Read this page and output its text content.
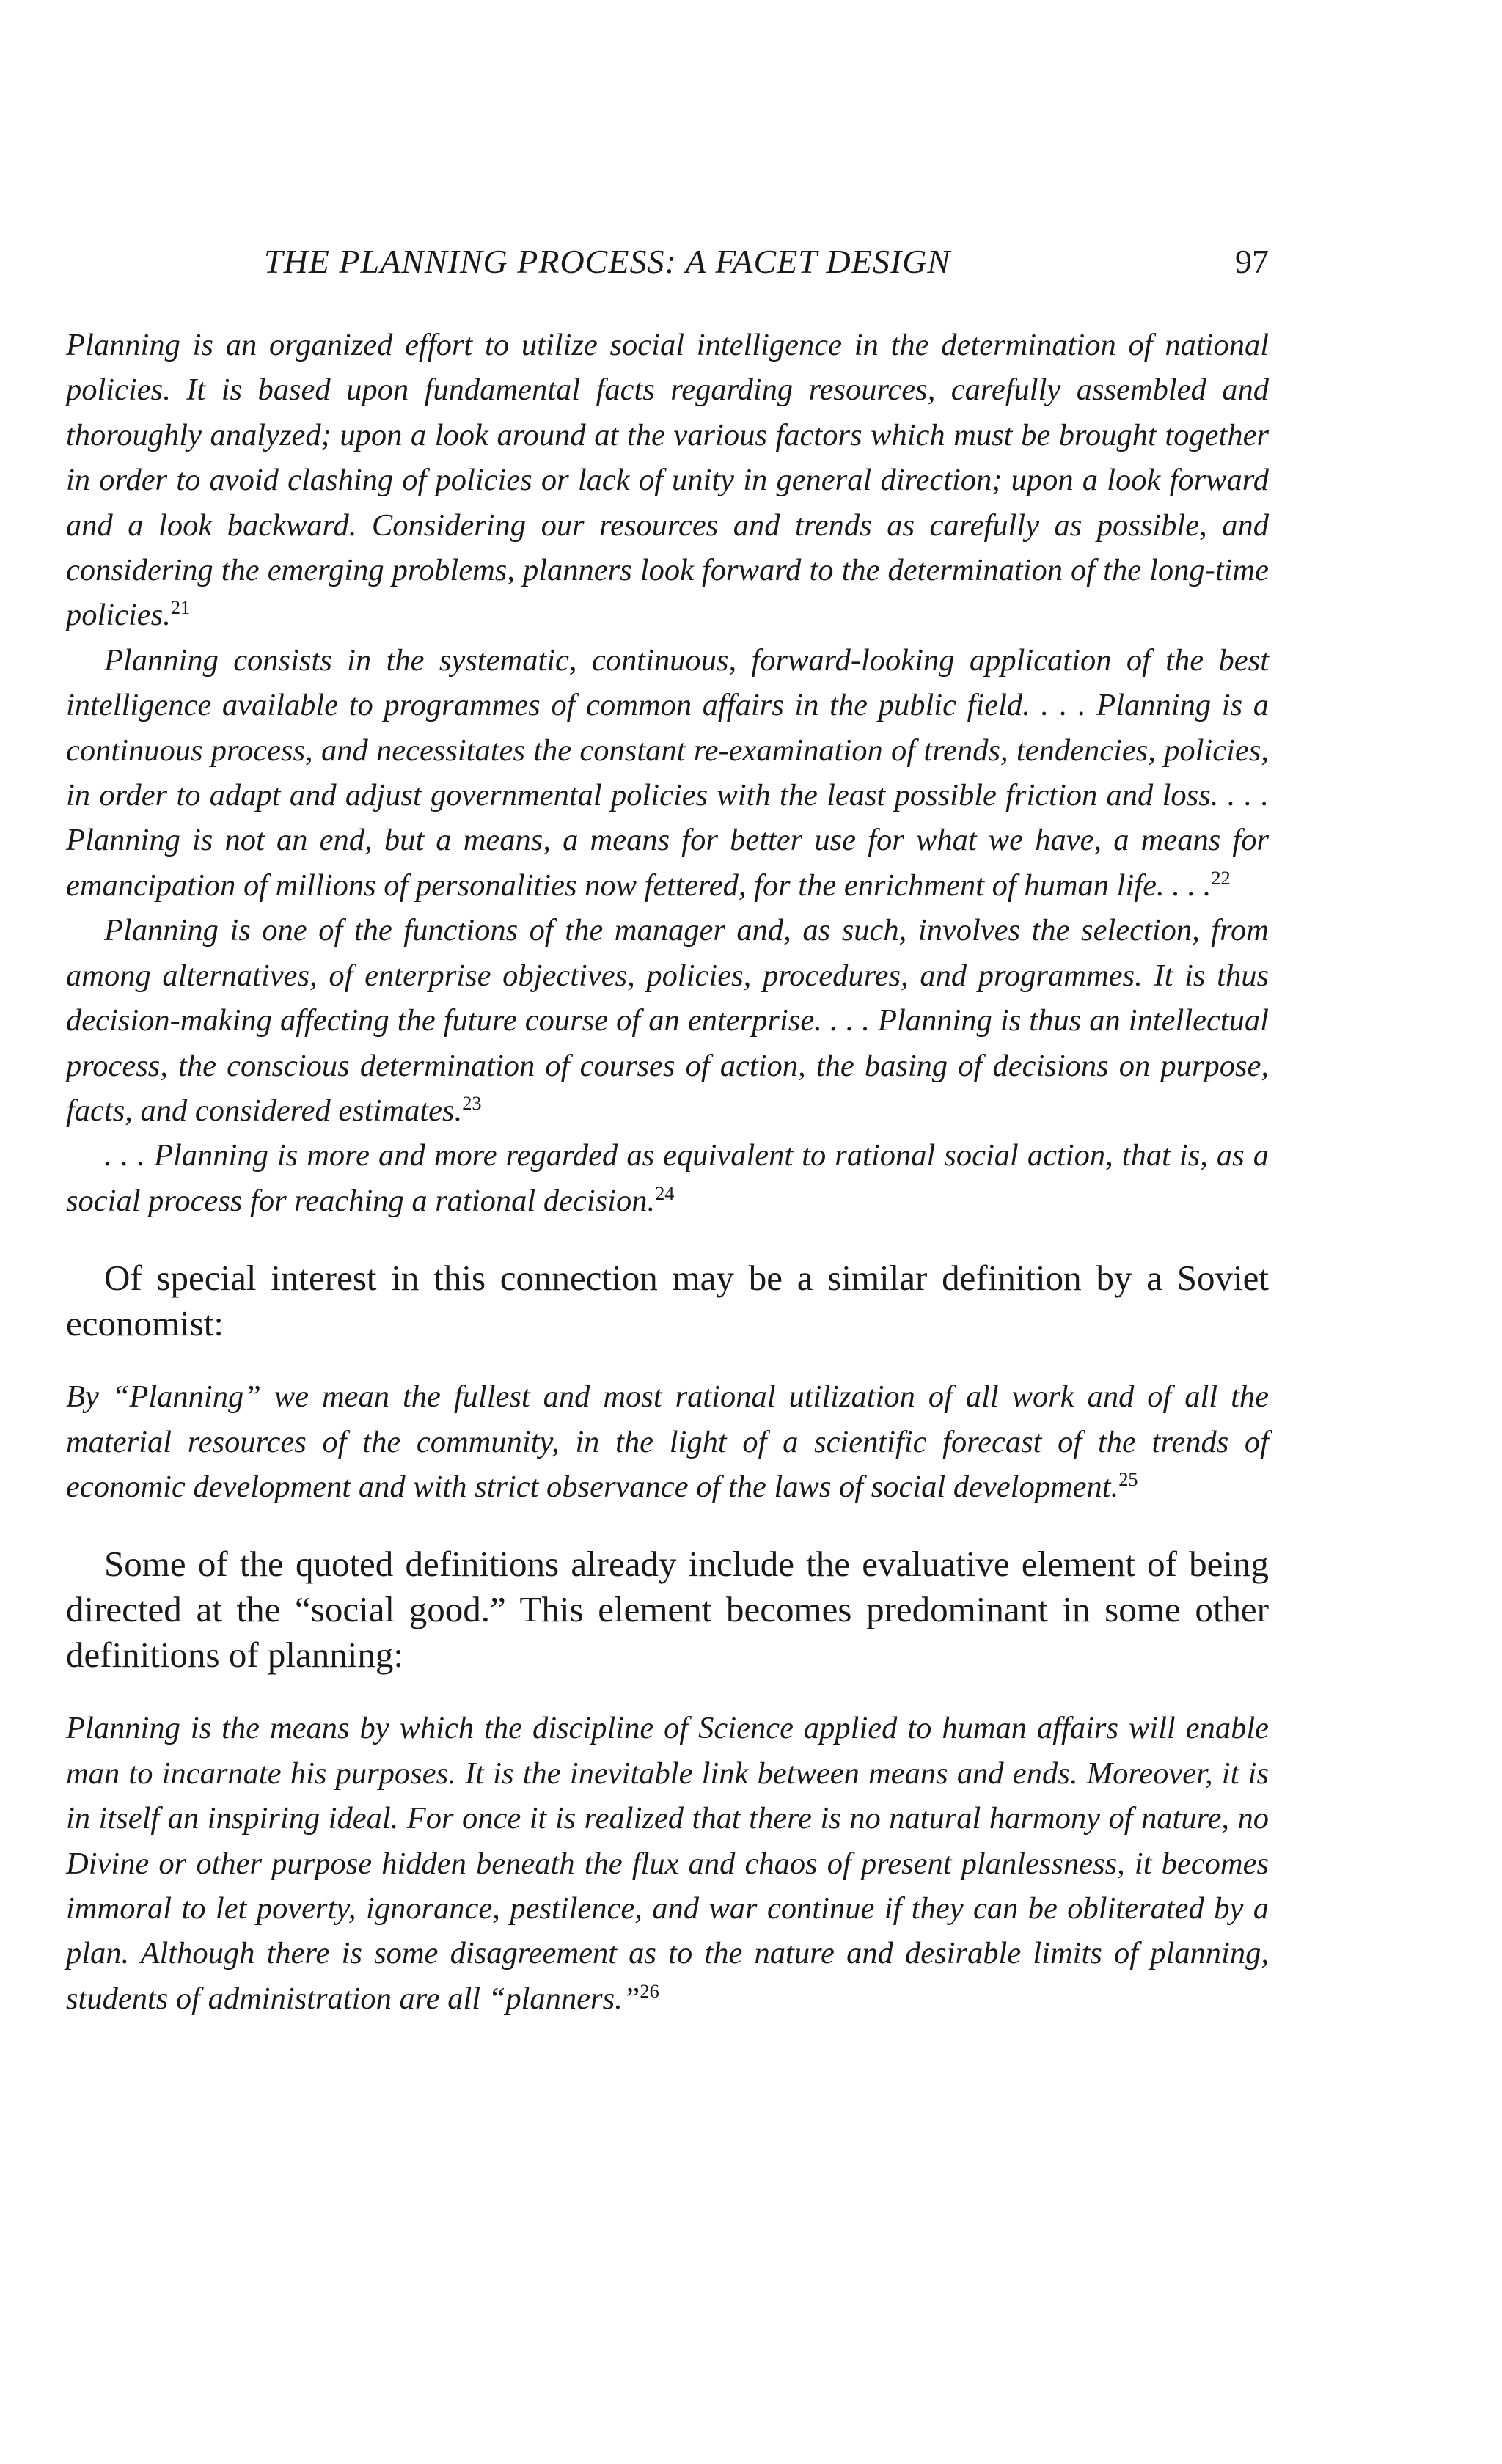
THE PLANNING PROCESS: A FACET DESIGN	97
Planning is an organized effort to utilize social intelligence in the determination of national policies. It is based upon fundamental facts regarding resources, carefully assembled and thoroughly analyzed; upon a look around at the various factors which must be brought together in order to avoid clashing of policies or lack of unity in general direction; upon a look forward and a look backward. Considering our resources and trends as carefully as possible, and considering the emerging problems, planners look forward to the determination of the long-time policies.$^{21}$
Planning consists in the systematic, continuous, forward-looking application of the best intelligence available to programmes of common affairs in the public field. . . . Planning is a continuous process, and necessitates the constant re-examination of trends, tendencies, policies, in order to adapt and adjust governmental policies with the least possible friction and loss. . . . Planning is not an end, but a means, a means for better use for what we have, a means for emancipation of millions of personalities now fettered, for the enrichment of human life. . . .$^{22}$
Planning is one of the functions of the manager and, as such, involves the selection, from among alternatives, of enterprise objectives, policies, procedures, and programmes. It is thus decision-making affecting the future course of an enterprise. . . . Planning is thus an intellectual process, the conscious determination of courses of action, the basing of decisions on purpose, facts, and considered estimates.$^{23}$
. . . Planning is more and more regarded as equivalent to rational social action, that is, as a social process for reaching a rational decision.$^{24}$

Of special interest in this connection may be a similar definition by a Soviet economist:

By “Planning” we mean the fullest and most rational utilization of all work and of all the material resources of the community, in the light of a scientific forecast of the trends of economic development and with strict observance of the laws of social development.$^{25}$

Some of the quoted definitions already include the evaluative element of being directed at the “social good.” This element becomes predominant in some other definitions of planning:

Planning is the means by which the discipline of Science applied to human affairs will enable man to incarnate his purposes. It is the inevitable link between means and ends. Moreover, it is in itself an inspiring ideal. For once it is realized that there is no natural harmony of nature, no Divine or other purpose hidden beneath the flux and chaos of present planlessness, it becomes immoral to let poverty, ignorance, pestilence, and war continue if they can be obliterated by a plan. Although there is some disagreement as to the nature and desirable limits of planning, students of administration are all “planners.”$^{26}$
